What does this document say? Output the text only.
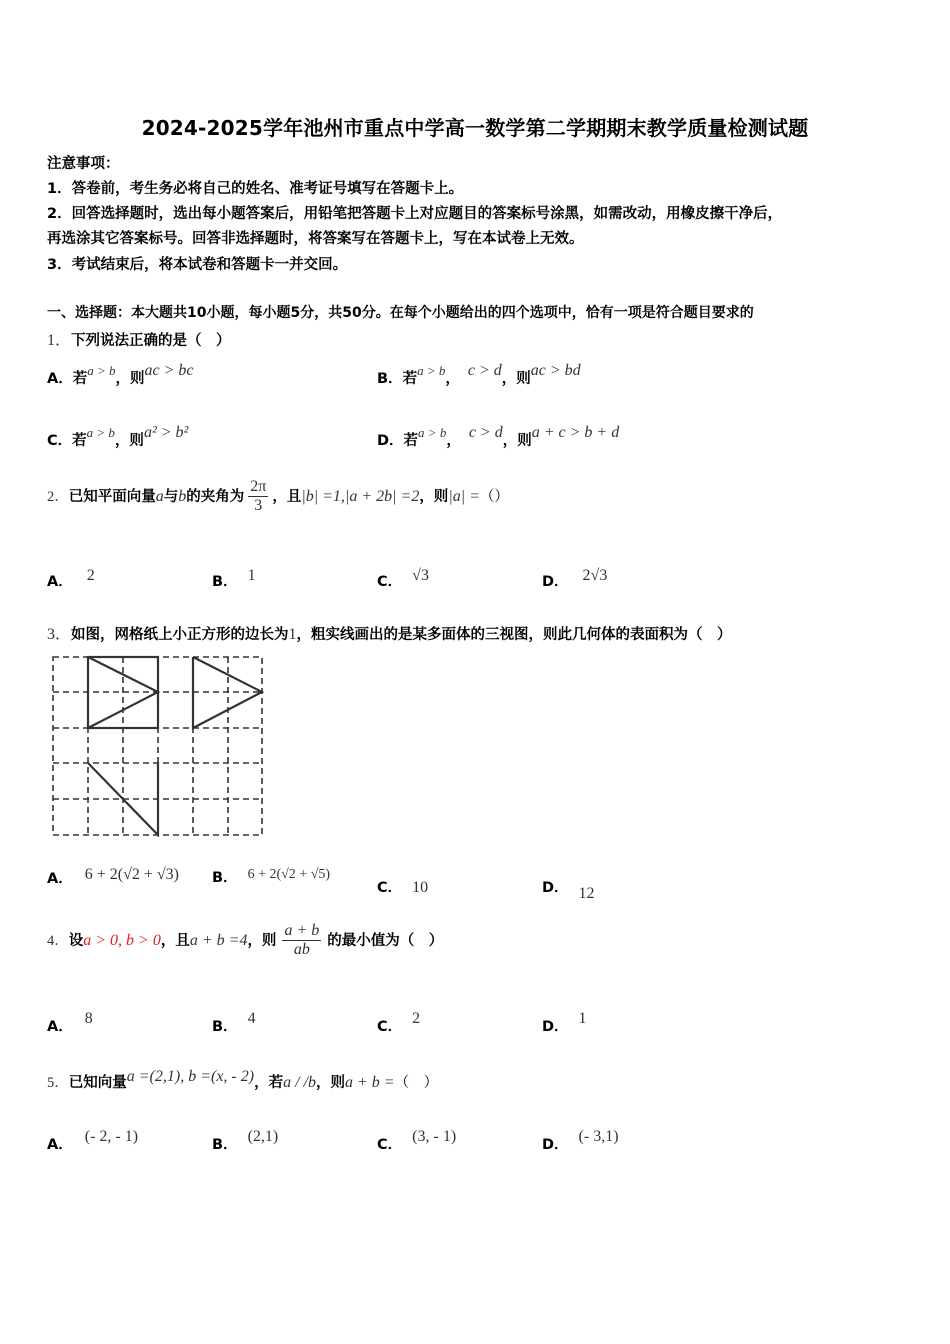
2024-2025学年池州市重点中学高一数学第二学期期末教学质量检测试题
注意事项：
1．答卷前，考生务必将自己的姓名、准考证号填写在答题卡上。
2．回答选择题时，选出每小题答案后，用铅笔把答题卡上对应题目的答案标号涂黑，如需改动，用橡皮擦干净后，
再选涂其它答案标号。回答非选择题时，将答案写在答题卡上，写在本试卷上无效。
3．考试结束后，将本试卷和答题卡一并交回。
一、选择题：本大题共10小题，每小题5分，共50分。在每个小题给出的四个选项中，恰有一项是符合题目要求的
1．下列说法正确的是（　）
A．若$^{a > b}$，则ac > bc	B．若$^{a > b}$， c > d，则ac > bd
C．若$^{a > b}$，则a² > b²	D．若$^{a > b}$， c > d，则a + c > b + d
2．已知平面向量a与b的夹角为 $\frac{2\pi}{3}$ ，且|b| =1,|a + 2b| =2，则|a| =（）
A． 2	B． 1	C． √3	D． 2√3
3．如图，网格纸上小正方形的边长为1，粗实线画出的是某多面体的三视图，则此几何体的表面积为（　）
A． 6 + 2(√2 + √3) B． 6 + 2(√2 + √5)
C． 10	D． 12
4．设a > 0, b > 0，且a + b =4，则 $\frac{a + b}{ab}$ 的最小值为（　）
A． 8	B． 4	C． 2	D． 1
5．已知向量a =(2,1), b =(x, - 2)，若a / /b，则a + b =（　）
A． (- 2, - 1)	B． (2,1)	C． (3, - 1)	D． (- 3,1)
